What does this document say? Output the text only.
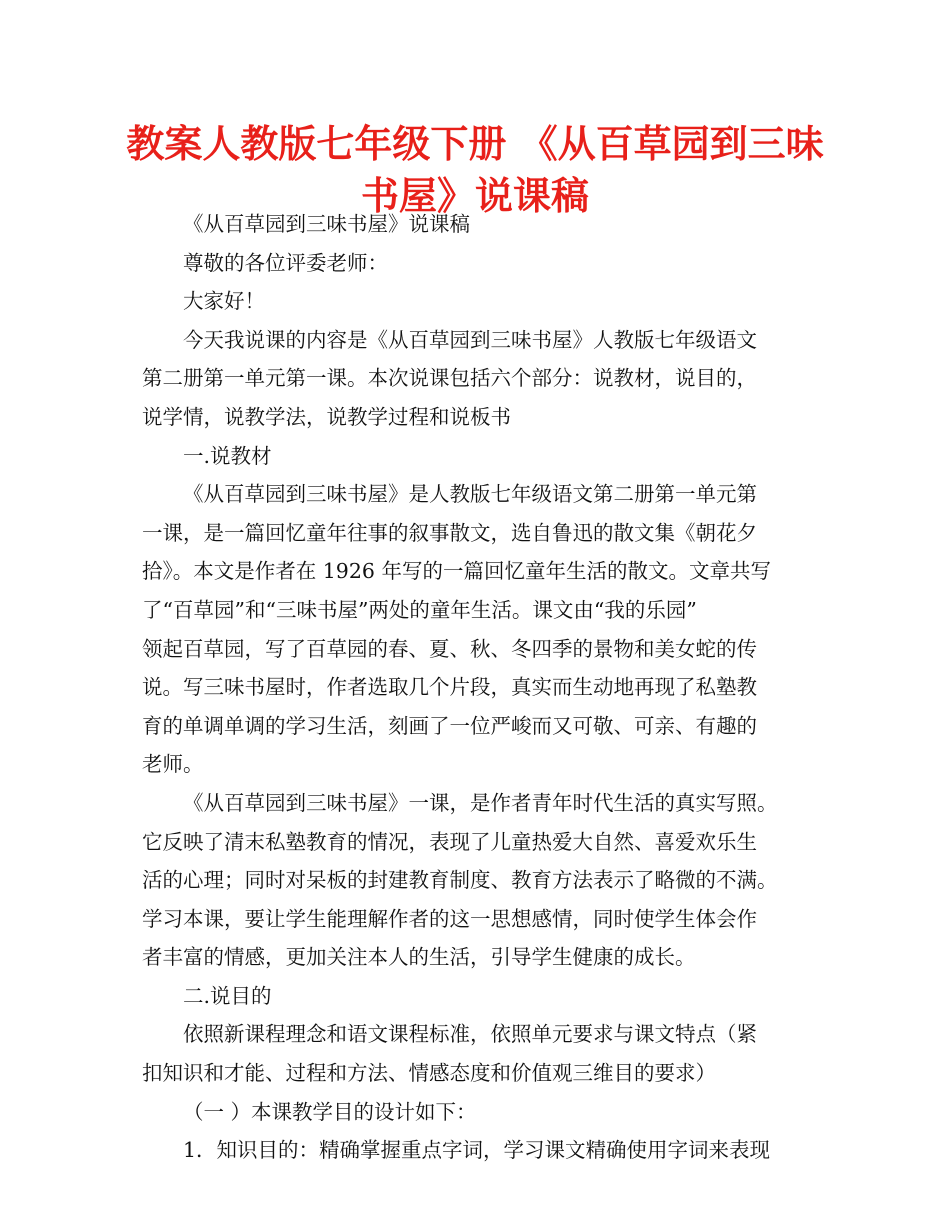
教案人教版七年级下册 《从百草园到三味
书屋》说课稿
《从百草园到三味书屋》说课稿
尊敬的各位评委老师：
大家好！
今天我说课的内容是《从百草园到三味书屋》人教版七年级语文
第二册第一单元第一课。本次说课包括六个部分：说教材，说目的，
说学情，说教学法，说教学过程和说板书
一.说教材
《从百草园到三味书屋》是人教版七年级语文第二册第一单元第
一课，是一篇回忆童年往事的叙事散文，选自鲁迅的散文集《朝花夕
拾》。本文是作者在 1926 年写的一篇回忆童年生活的散文。文章共写
了“百草园”和“三味书屋”两处的童年生活。课文由“我的乐园”
领起百草园，写了百草园的春、夏、秋、冬四季的景物和美女蛇的传
说。写三味书屋时，作者选取几个片段，真实而生动地再现了私塾教
育的单调单调的学习生活，刻画了一位严峻而又可敬、可亲、有趣的
老师。
《从百草园到三味书屋》一课，是作者青年时代生活的真实写照。
它反映了清末私塾教育的情况，表现了儿童热爱大自然、喜爱欢乐生
活的心理；同时对呆板的封建教育制度、教育方法表示了略微的不满。
学习本课，要让学生能理解作者的这一思想感情，同时使学生体会作
者丰富的情感，更加关注本人的生活，引导学生健康的成长。
二.说目的
依照新课程理念和语文课程标准，依照单元要求与课文特点（紧
扣知识和才能、过程和方法、情感态度和价值观三维目的要求）
（一 ）本课教学目的设计如下：
1．知识目的：精确掌握重点字词，学习课文精确使用字词来表现
